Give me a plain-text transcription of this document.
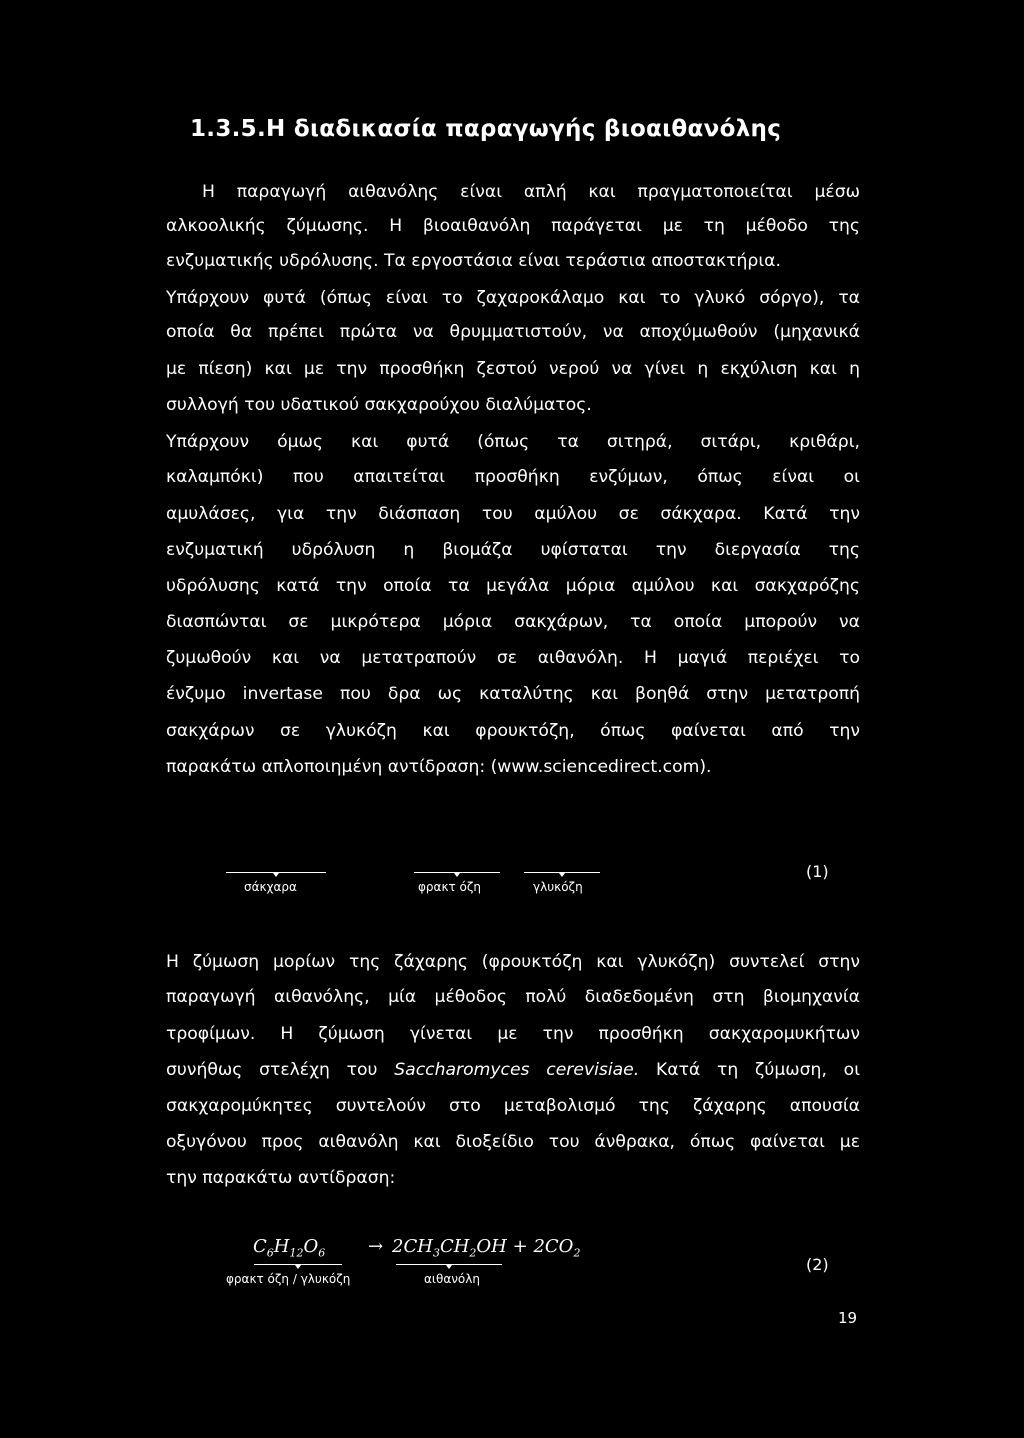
1.3.5.Η διαδικασία παραγωγής βιοαιθανόλης
Η παραγωγή αιθανόλης είναι απλή και πραγματοποιείται μέσω
αλκοολικής ζύμωσης. Η βιοαιθανόλη παράγεται με τη μέθοδο της
ενζυματικής υδρόλυσης. Τα εργοστάσια είναι τεράστια αποστακτήρια.
Υπάρχουν φυτά (όπως είναι το ζαχαροκάλαμο και το γλυκό σόργο), τα
οποία θα πρέπει πρώτα να θρυμματιστούν, να αποχύμωθούν (μηχανικά
με πίεση) και με την προσθήκη ζεστού νερού να γίνει η εκχύλιση και η
συλλογή του υδατικού σακχαρούχου διαλύματος.
Υπάρχουν όμως και φυτά (όπως τα σιτηρά, σιτάρι, κριθάρι,
καλαμπόκι) που απαιτείται προσθήκη ενζύμων, όπως είναι οι
αμυλάσες, για την διάσπαση του αμύλου σε σάκχαρα. Κατά την
ενζυματική υδρόλυση η βιομάζα υφίσταται την διεργασία της
υδρόλυσης κατά την οποία τα μεγάλα μόρια αμύλου και σακχαρόζης
διασπώνται σε μικρότερα μόρια σακχάρων, τα οποία μπορούν να
ζυμωθούν και να μετατραπούν σε αιθανόλη. Η μαγιά περιέχει το
ένζυμο invertase που δρα ως καταλύτης και βοηθά στην μετατροπή
σακχάρων σε γλυκόζη και φρουκτόζη, όπως φαίνεται από την
παρακάτω απλοποιημένη αντίδραση: (www.sciencedirect.com).
σάκχαρα	φρακτ όζη	γλυκόζη
(1)
Η ζύμωση μορίων της ζάχαρης (φρουκτόζη και γλυκόζη) συντελεί στην
παραγωγή αιθανόλης, μία μέθοδος πολύ διαδεδομένη στη βιομηχανία
τροφίμων. Η ζύμωση γίνεται με την προσθήκη σακχαρομυκήτων
συνήθως στελέχη του Saccharomyces cerevisiae. Κατά τη ζύμωση, οι
σακχαρομύκητες συντελούν στο μεταβολισμό της ζάχαρης απουσία
οξυγόνου προς αιθανόλη και διοξείδιο του άνθρακα, όπως φαίνεται με
την παρακάτω αντίδραση:
$C_6H_{12}O_6 \to 2CH_3CH_2OH + 2CO_2$
φρακτ όζη / γλυκόζη	αιθανόλη
(2)
19
